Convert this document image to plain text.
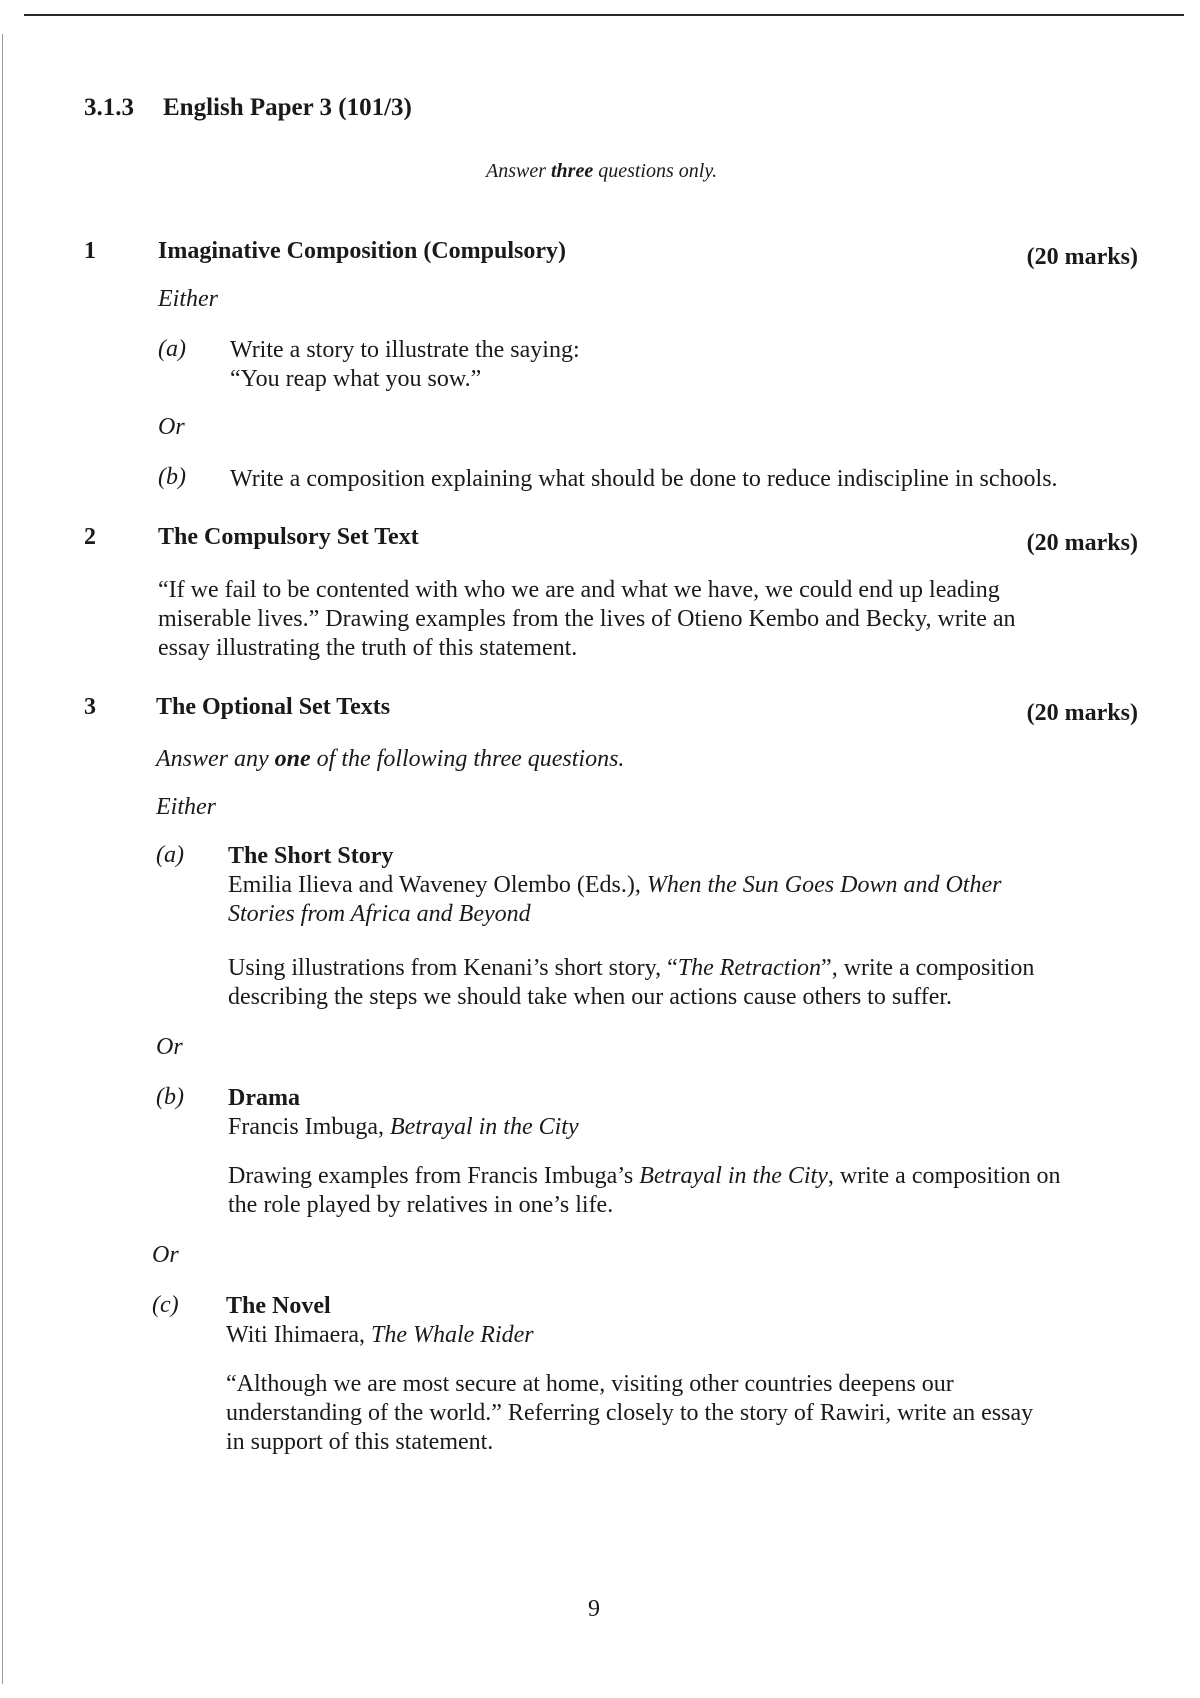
3.1.3 English Paper 3 (101/3)
Answer three questions only.
1	Imaginative Composition (Compulsory)	(20 marks)
Either
(a) Write a story to illustrate the saying:
“You reap what you sow.”
Or
(b) Write a composition explaining what should be done to reduce indiscipline in schools.
2	The Compulsory Set Text	(20 marks)
“If we fail to be contented with who we are and what we have, we could end up leading
miserable lives.” Drawing examples from the lives of Otieno Kembo and Becky, write an
essay illustrating the truth of this statement.
3	The Optional Set Texts	(20 marks)
Answer any one of the following three questions.
Either
(a) The Short Story
Emilia Ilieva and Waveney Olembo (Eds.), When the Sun Goes Down and Other
Stories from Africa and Beyond
Using illustrations from Kenani’s short story, “The Retraction”, write a composition
describing the steps we should take when our actions cause others to suffer.
Or
(b) Drama
Francis Imbuga, Betrayal in the City
Drawing examples from Francis Imbuga’s Betrayal in the City, write a composition on
the role played by relatives in one’s life.
Or
(c) The Novel
Witi Ihimaera, The Whale Rider
“Although we are most secure at home, visiting other countries deepens our
understanding of the world.” Referring closely to the story of Rawiri, write an essay
in support of this statement.
9
